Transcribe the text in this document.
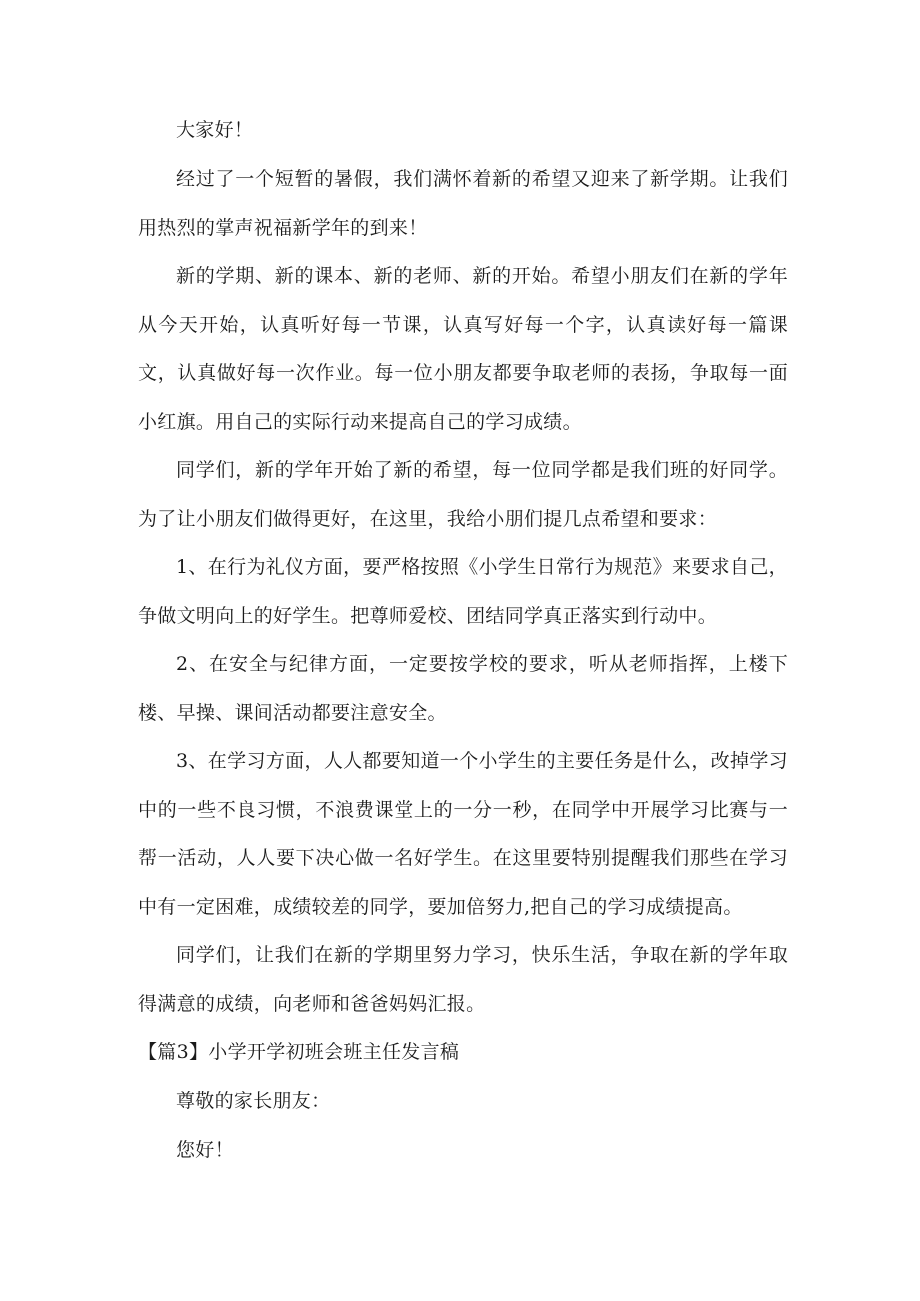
大家好！

经过了一个短暂的暑假，我们满怀着新的希望又迎来了新学期。让我们用热烈的掌声祝福新学年的到来！

新的学期、新的课本、新的老师、新的开始。希望小朋友们在新的学年从今天开始，认真听好每一节课，认真写好每一个字，认真读好每一篇课文，认真做好每一次作业。每一位小朋友都要争取老师的表扬，争取每一面小红旗。用自己的实际行动来提高自己的学习成绩。

同学们，新的学年开始了新的希望，每一位同学都是我们班的好同学。为了让小朋友们做得更好，在这里，我给小朋们提几点希望和要求：

1、在行为礼仪方面，要严格按照《小学生日常行为规范》来要求自己，争做文明向上的好学生。把尊师爱校、团结同学真正落实到行动中。

2、在安全与纪律方面，一定要按学校的要求，听从老师指挥，上楼下楼、早操、课间活动都要注意安全。

3、在学习方面，人人都要知道一个小学生的主要任务是什么，改掉学习中的一些不良习惯，不浪费课堂上的一分一秒，在同学中开展学习比赛与一帮一活动，人人要下决心做一名好学生。在这里要特别提醒我们那些在学习中有一定困难，成绩较差的同学，要加倍努力,把自己的学习成绩提高。

同学们，让我们在新的学期里努力学习，快乐生活，争取在新的学年取得满意的成绩，向老师和爸爸妈妈汇报。

【篇3】小学开学初班会班主任发言稿

尊敬的家长朋友：

您好！
